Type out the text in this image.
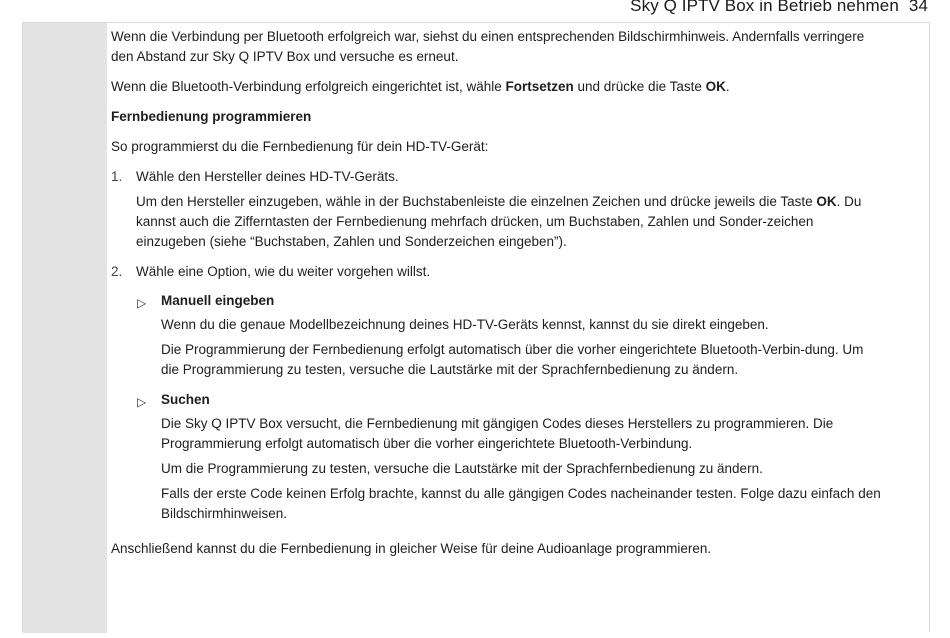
Sky Q IPTV Box in Betrieb nehmen 34

Wenn die Verbindung per Bluetooth erfolgreich war, siehst du einen entsprechenden Bildschirmhinweis. Andernfalls verringere den Abstand zur Sky Q IPTV Box und versuche es erneut.

Wenn die Bluetooth-Verbindung erfolgreich eingerichtet ist, wähle Fortsetzen und drücke die Taste OK.

Fernbedienung programmieren

So programmierst du die Fernbedienung für dein HD-TV-Gerät:

1. Wähle den Hersteller deines HD-TV-Geräts.

Um den Hersteller einzugeben, wähle in der Buchstabenleiste die einzelnen Zeichen und drücke jeweils die Taste OK. Du kannst auch die Zifferntasten der Fernbedienung mehrfach drücken, um Buchstaben, Zahlen und Sonder-zeichen einzugeben (siehe “Buchstaben, Zahlen und Sonderzeichen eingeben”).

2. Wähle eine Option, wie du weiter vorgehen willst.

▷ Manuell eingeben

Wenn du die genaue Modellbezeichnung deines HD-TV-Geräts kennst, kannst du sie direkt eingeben.

Die Programmierung der Fernbedienung erfolgt automatisch über die vorher eingerichtete Bluetooth-Verbin-dung. Um die Programmierung zu testen, versuche die Lautstärke mit der Sprachfernbedienung zu ändern.

▷ Suchen

Die Sky Q IPTV Box versucht, die Fernbedienung mit gängigen Codes dieses Herstellers zu programmieren. Die Programmierung erfolgt automatisch über die vorher eingerichtete Bluetooth-Verbindung.

Um die Programmierung zu testen, versuche die Lautstärke mit der Sprachfernbedienung zu ändern.

Falls der erste Code keinen Erfolg brachte, kannst du alle gängigen Codes nacheinander testen. Folge dazu einfach den Bildschirmhinweisen.

Anschließend kannst du die Fernbedienung in gleicher Weise für deine Audioanlage programmieren.
